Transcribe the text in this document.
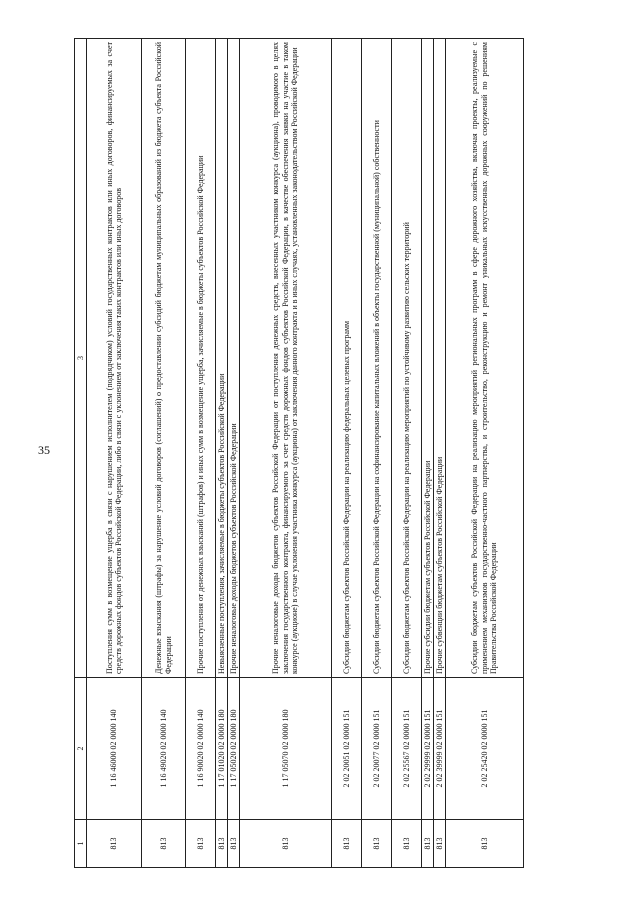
35
1	2	3
813	1 16 46000 02 0000 140	Поступления сумм в возмещение ущерба в связи с нарушением исполнителем (подрядчиком) условий государственных контрактов или иных договоров, финансируемых за счет средств дорожных фондов субъектов Российской Федерации, либо в связи с уклонением от заключения таких контрактов или иных договоров
813	1 16 49020 02 0000 140	Денежные взыскания (штрафы) за нарушение условий договоров (соглашений) о предоставлении субсидий бюджетам муниципальных образований из бюджета субъекта Российской Федерации
813	1 16 90020 02 0000 140	Прочие поступления от денежных взысканий (штрафов) и иных сумм в возмещение ущерба, зачисляемые в бюджеты субъектов Российской Федерации
813	1 17 01020 02 0000 180	Невыясненные поступления, зачисляемые в бюджеты субъектов Российской Федерации
813	1 17 05020 02 0000 180	Прочие неналоговые доходы бюджетов субъектов Российской Федерации
813	1 17 05070 02 0000 180	Прочие неналоговые доходы бюджетов субъектов Российской Федерации от поступления денежных средств, внесенных участником конкурса (аукциона), проводимого в целях заключения государственного контракта, финансируемого за счет средств дорожных фондов субъектов Российской Федерации, в качестве обеспечения заявки на участие в таком конкурсе (аукционе) в случае уклонения участника конкурса (аукциона) от заключения данного контракта и в иных случаях, установленных законодательством Российской Федерации
813	2 02 20051 02 0000 151	Субсидии бюджетам субъектов Российской Федерации на реализацию федеральных целевых программ
813	2 02 20077 02 0000 151	Субсидии бюджетам субъектов Российской Федерации на софинансирование капитальных вложений в объекты государственной (муниципальной) собственности
813	2 02 25567 02 0000 151	Субсидии бюджетам субъектов Российской Федерации на реализацию мероприятий по устойчивому развитию сельских территорий
813	2 02 29999 02 0000 151	Прочие субсидии бюджетам субъектов Российской Федерации
813	2 02 39999 02 0000 151	Прочие субвенции бюджетам субъектов Российской Федерации
813	2 02 25420 02 0000 151	Субсидии бюджетам субъектов Российской Федерации на реализацию мероприятий региональных программ в сфере дорожного хозяйства, включая проекты, реализуемые с применением механизмов государственно-частного партнерства, и строительство, реконструкцию и ремонт уникальных искусственных дорожных сооружений по решениям Правительства Российской Федерации
